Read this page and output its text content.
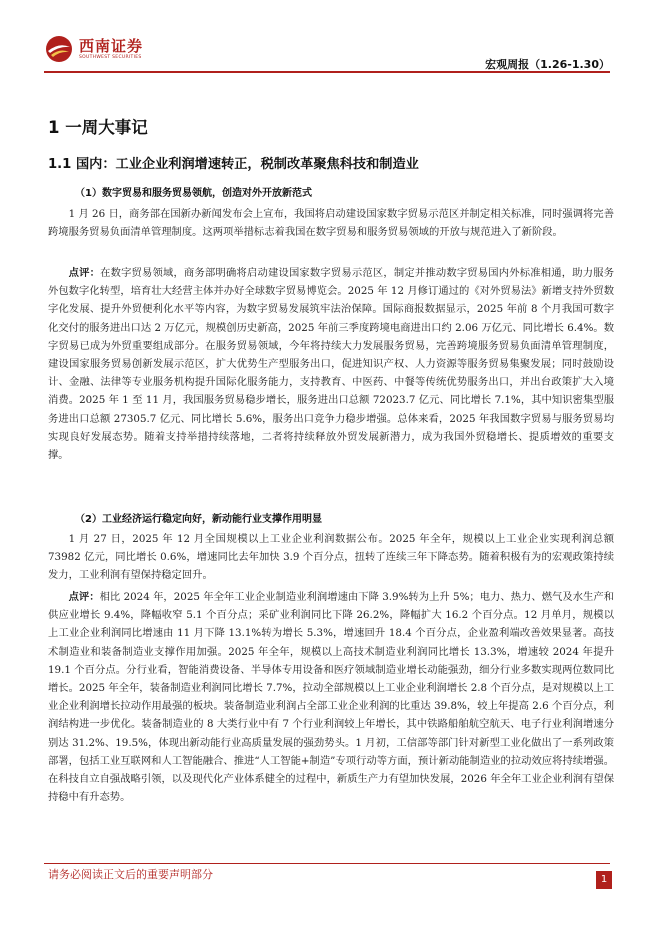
西南证券
SOUTHWEST SECURITIES
宏观周报（1.26-1.30）
1 一周大事记
1.1 国内：工业企业利润增速转正，税制改革聚焦科技和制造业
（1）数字贸易和服务贸易领航，创造对外开放新范式
1 月 26 日，商务部在国新办新闻发布会上宣布，我国将启动建设国家数字贸易示范区并制定相关标准，同时强调将完善跨境服务贸易负面清单管理制度。这两项举措标志着我国在数字贸易和服务贸易领域的开放与规范进入了新阶段。
点评：在数字贸易领域，商务部明确将启动建设国家数字贸易示范区，制定并推动数字贸易国内外标准相通，助力服务外包数字化转型，培育壮大经营主体并办好全球数字贸易博览会。2025 年 12 月修订通过的《对外贸易法》新增支持外贸数字化发展、提升外贸便利化水平等内容，为数字贸易发展筑牢法治保障。国际商报数据显示，2025 年前 8 个月我国可数字化交付的服务进出口达 2 万亿元，规模创历史新高，2025 年前三季度跨境电商进出口约 2.06 万亿元、同比增长 6.4%。数字贸易已成为外贸重要组成部分。在服务贸易领域，今年将持续大力发展服务贸易，完善跨境服务贸易负面清单管理制度，建设国家服务贸易创新发展示范区，扩大优势生产型服务出口，促进知识产权、人力资源等服务贸易集聚发展；同时鼓励设计、金融、法律等专业服务机构提升国际化服务能力，支持教育、中医药、中餐等传统优势服务出口，并出台政策扩大入境消费。2025 年 1 至 11 月，我国服务贸易稳步增长，服务进出口总额 72023.7 亿元、同比增长 7.1%，其中知识密集型服务进出口总额 27305.7 亿元、同比增长 5.6%，服务出口竞争力稳步增强。总体来看，2025 年我国数字贸易与服务贸易均实现良好发展态势。随着支持举措持续落地，二者将持续释放外贸发展新潜力，成为我国外贸稳增长、提质增效的重要支撑。
（2）工业经济运行稳定向好，新动能行业支撑作用明显
1 月 27 日，2025 年 12 月全国规模以上工业企业利润数据公布。2025 年全年，规模以上工业企业实现利润总额 73982 亿元，同比增长 0.6%，增速同比去年加快 3.9 个百分点，扭转了连续三年下降态势。随着积极有为的宏观政策持续发力，工业利润有望保持稳定回升。
点评：相比 2024 年，2025 年全年工业企业制造业利润增速由下降 3.9%转为上升 5%；电力、热力、燃气及水生产和供应业增长 9.4%，降幅收窄 5.1 个百分点；采矿业利润同比下降 26.2%，降幅扩大 16.2 个百分点。12 月单月，规模以上工业企业利润同比增速由 11 月下降 13.1%转为增长 5.3%，增速回升 18.4 个百分点，企业盈利端改善效果显著。高技术制造业和装备制造业支撑作用加强。2025 年全年，规模以上高技术制造业利润同比增长 13.3%，增速较 2024 年提升 19.1 个百分点。分行业看，智能消费设备、半导体专用设备和医疗领域制造业增长动能强劲，细分行业多数实现两位数同比增长。2025 年全年，装备制造业利润同比增长 7.7%，拉动全部规模以上工业企业利润增长 2.8 个百分点，是对规模以上工业企业利润增长拉动作用最强的板块。装备制造业利润占全部工业企业利润的比重达 39.8%，较上年提高 2.6 个百分点，利润结构进一步优化。装备制造业的 8 大类行业中有 7 个行业利润较上年增长，其中铁路船舶航空航天、电子行业利润增速分别达 31.2%、19.5%，体现出新动能行业高质量发展的强劲势头。1 月初，工信部等部门针对新型工业化做出了一系列政策部署，包括工业互联网和人工智能融合、推进“人工智能+制造”专项行动等方面，预计新动能制造业的拉动效应将持续增强。在科技自立自强战略引领，以及现代化产业体系健全的过程中，新质生产力有望加快发展，2026 年全年工业企业利润有望保持稳中有升态势。
请务必阅读正文后的重要声明部分	1
